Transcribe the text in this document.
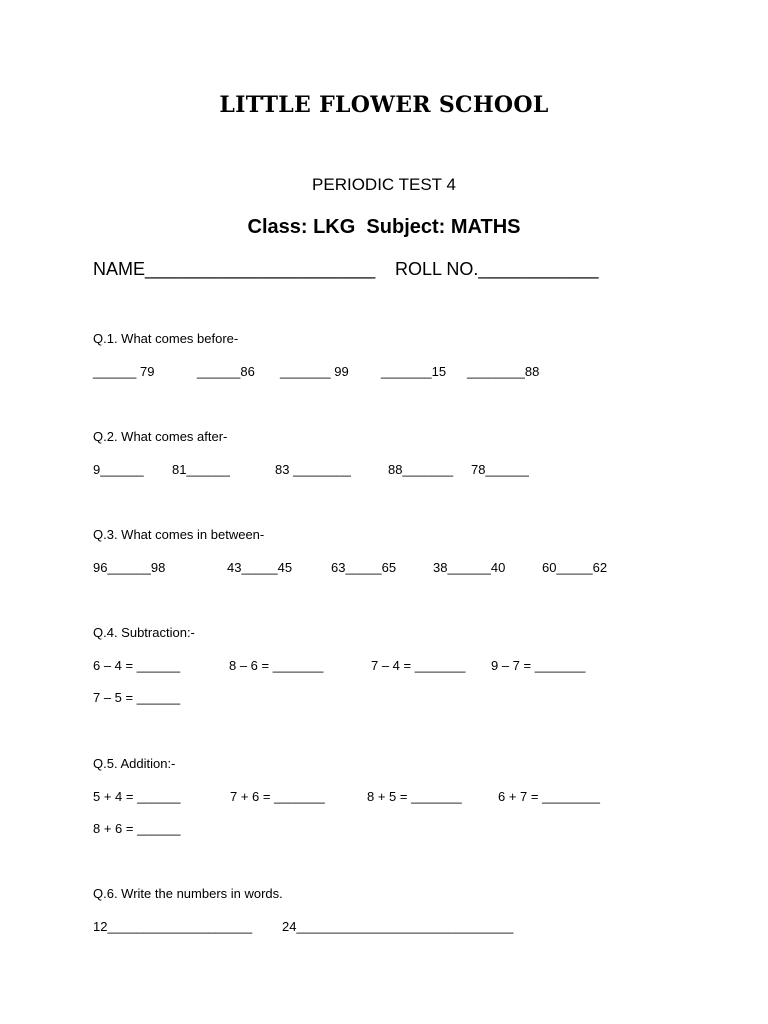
LITTLE FLOWER SCHOOL
PERIODIC TEST 4
Class: LKG  Subject: MATHS
NAME_______________________ ROLL NO.____________
Q.1. What comes before-
______ 79	______86 _______ 99 _______15 ________88
Q.2. What comes after-
9______ 81______	83 ________	88_______ 78______
Q.3. What comes in between-
96______98	43_____45	63_____65	38______40	60_____62
Q.4. Subtraction:-
6 – 4 = ______	8 – 6 = _______	7 – 4 = _______ 9 – 7 = _______
7 – 5 = ______
Q.5. Addition:-
5 + 4 = ______	7 + 6 = _______	8 + 5 = _______	6 + 7 = ________
8 + 6 = ______
Q.6. Write the numbers in words.
12____________________ 24______________________________
